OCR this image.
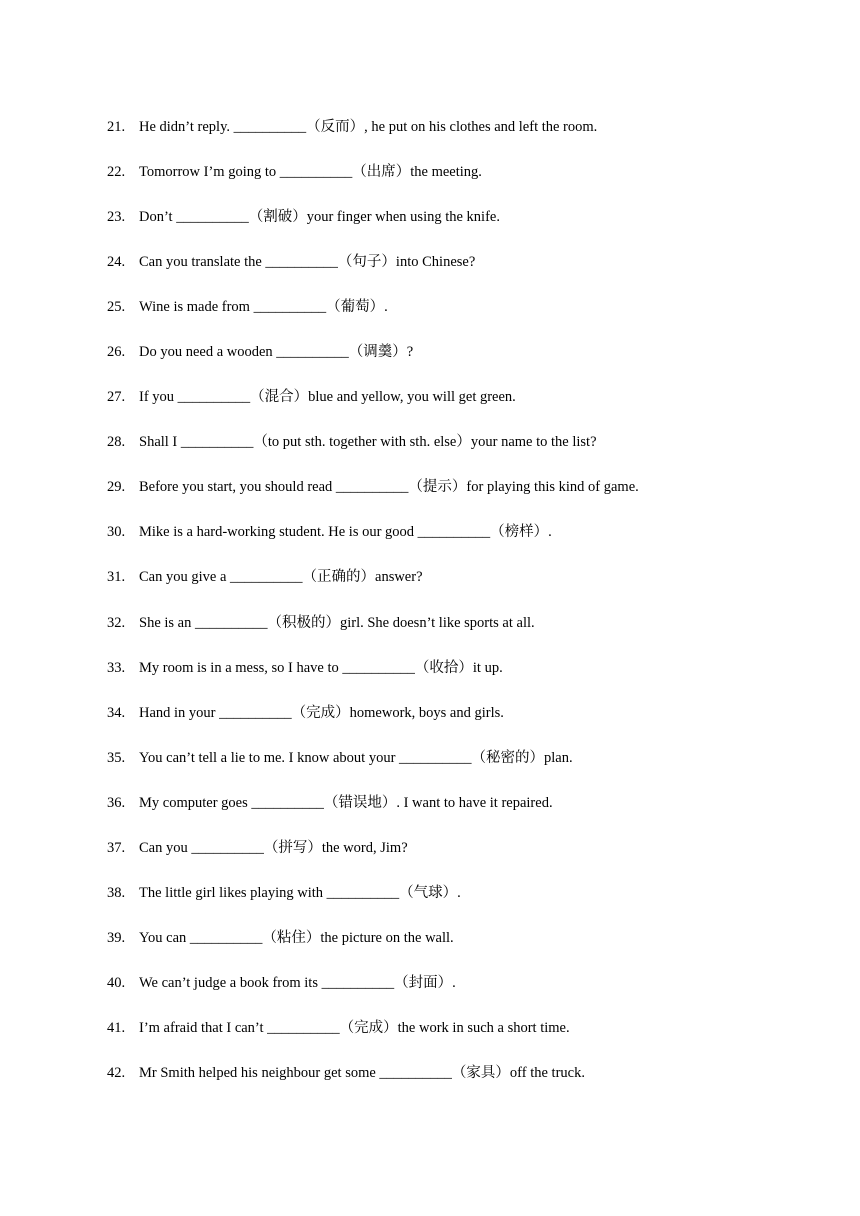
21. He didn’t reply. __________（反而）, he put on his clothes and left the room.
22. Tomorrow I’m going to __________（出席）the meeting.
23. Don’t __________（割破）your finger when using the knife.
24. Can you translate the __________（句子）into Chinese?
25. Wine is made from __________（葡萄）.
26. Do you need a wooden __________（调羹）?
27. If you __________（混合）blue and yellow, you will get green.
28. Shall I __________（to put sth. together with sth. else）your name to the list?
29. Before you start, you should read __________（提示）for playing this kind of game.
30. Mike is a hard-working student. He is our good __________（榜样）.
31. Can you give a __________（正确的）answer?
32. She is an __________（积极的）girl. She doesn’t like sports at all.
33. My room is in a mess, so I have to __________（收拾）it up.
34. Hand in your __________（完成）homework, boys and girls.
35. You can’t tell a lie to me. I know about your __________（秘密的）plan.
36. My computer goes __________（错误地）. I want to have it repaired.
37. Can you __________（拼写）the word, Jim?
38. The little girl likes playing with __________（气球）.
39. You can __________（粘住）the picture on the wall.
40. We can’t judge a book from its __________（封面）.
41. I’m afraid that I can’t __________（完成）the work in such a short time.
42. Mr Smith helped his neighbour get some __________（家具）off the truck.
